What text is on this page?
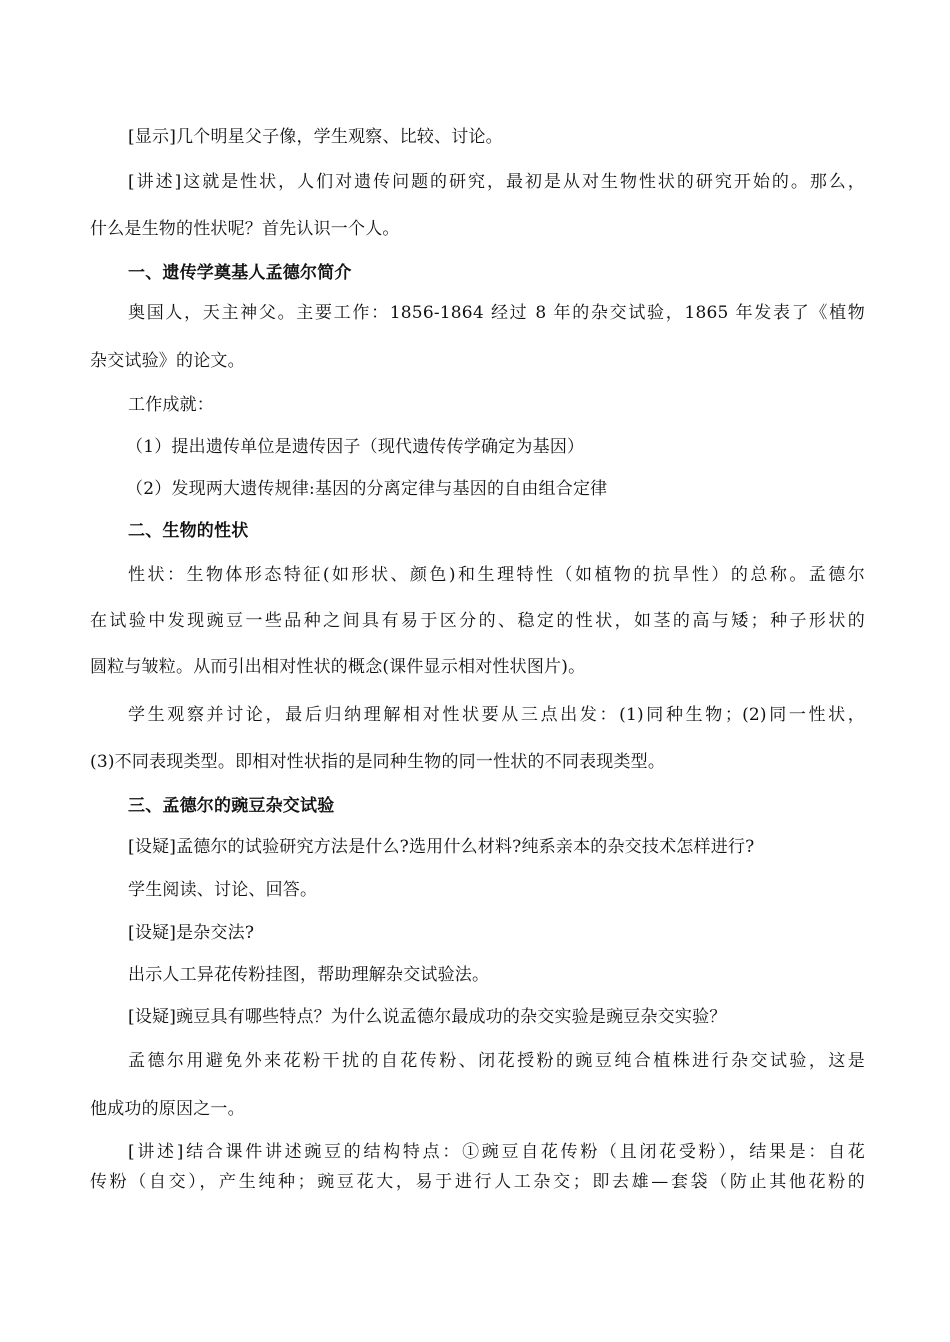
[显示]几个明星父子像，学生观察、比较、讨论。
[讲述]这就是性状，人们对遗传问题的研究，最初是从对生物性状的研究开始的。那么，
什么是生物的性状呢？首先认识一个人。
一、遗传学奠基人孟德尔简介
奥国人，天主神父。主要工作：1856-1864 经过 8 年的杂交试验，1865 年发表了《植物
杂交试验》的论文。
工作成就：
（1）提出遗传单位是遗传因子（现代遗传传学确定为基因）
（2）发现两大遗传规律:基因的分离定律与基因的自由组合定律
二、生物的性状
性状：生物体形态特征(如形状、颜色)和生理特性（如植物的抗旱性）的总称。孟德尔
在试验中发现豌豆一些品种之间具有易于区分的、稳定的性状，如茎的高与矮；种子形状的
圆粒与皱粒。从而引出相对性状的概念(课件显示相对性状图片)。
学生观察并讨论，最后归纳理解相对性状要从三点出发：(1)同种生物；(2)同一性状，
(3)不同表现类型。即相对性状指的是同种生物的同一性状的不同表现类型。
三、孟德尔的豌豆杂交试验
[设疑]孟德尔的试验研究方法是什么?选用什么材料?纯系亲本的杂交技术怎样进行?
学生阅读、讨论、回答。
[设疑]是杂交法?
出示人工异花传粉挂图，帮助理解杂交试验法。
[设疑]豌豆具有哪些特点？为什么说孟德尔最成功的杂交实验是豌豆杂交实验？
孟德尔用避免外来花粉干扰的自花传粉、闭花授粉的豌豆纯合植株进行杂交试验，这是
他成功的原因之一。
[讲述]结合课件讲述豌豆的结构特点：①豌豆自花传粉（且闭花受粉），结果是：自花
传粉（自交），产生纯种；豌豆花大，易于进行人工杂交；即去雄—套袋（防止其他花粉的
